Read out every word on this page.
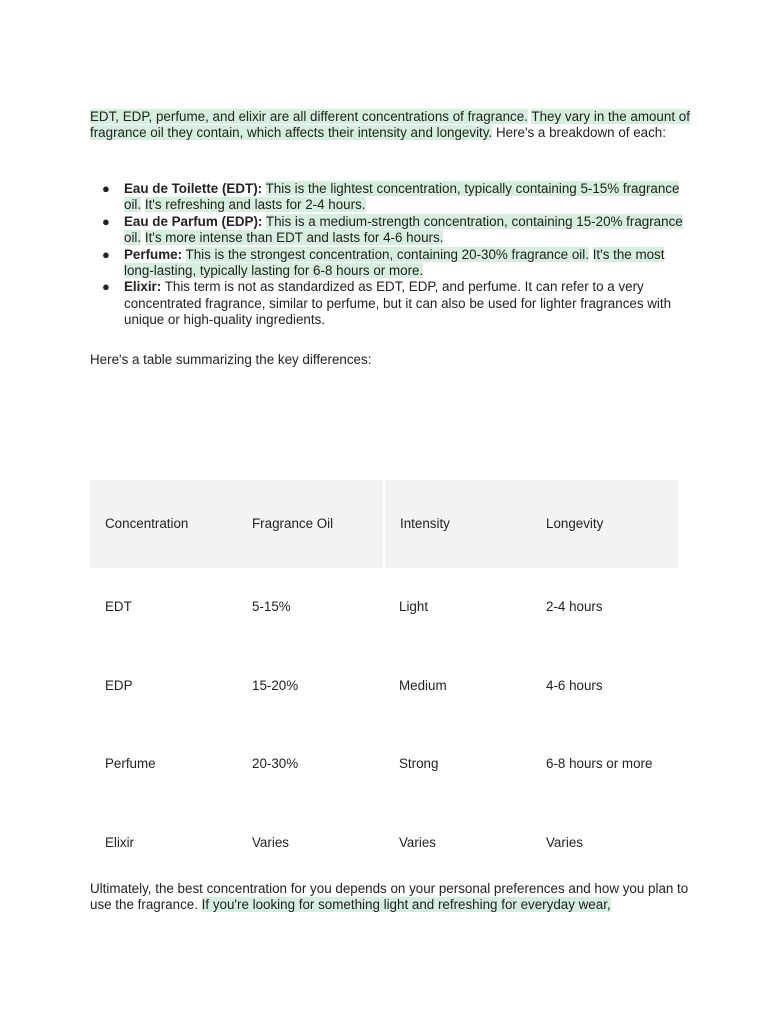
EDT, EDP, perfume, and elixir are all different concentrations of fragrance. They vary in the amount of fragrance oil they contain, which affects their intensity and longevity. Here's a breakdown of each:

● Eau de Toilette (EDT): This is the lightest concentration, typically containing 5-15% fragrance oil. It's refreshing and lasts for 2-4 hours.
● Eau de Parfum (EDP): This is a medium-strength concentration, containing 15-20% fragrance oil. It's more intense than EDT and lasts for 4-6 hours.
● Perfume: This is the strongest concentration, containing 20-30% fragrance oil. It's the most long-lasting, typically lasting for 6-8 hours or more.
● Elixir: This term is not as standardized as EDT, EDP, and perfume. It can refer to a very concentrated fragrance, similar to perfume, but it can also be used for lighter fragrances with unique or high-quality ingredients.

Here's a table summarizing the key differences:

Concentration	Fragrance Oil	Intensity	Longevity
EDT	5-15%	Light	2-4 hours
EDP	15-20%	Medium	4-6 hours
Perfume	20-30%	Strong	6-8 hours or more
Elixir	Varies	Varies	Varies

Ultimately, the best concentration for you depends on your personal preferences and how you plan to use the fragrance. If you're looking for something light and refreshing for everyday wear,
